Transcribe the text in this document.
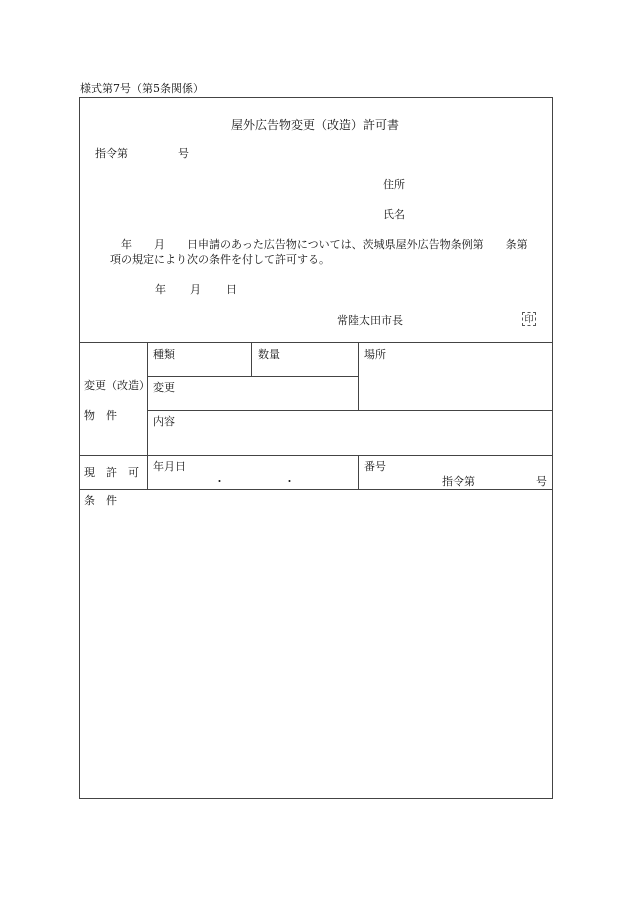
様式第7号（第5条関係）
屋外広告物変更（改造）許可書
指令第	号
住所
氏名
　年　　月　　日申請のあった広告物については、茨城県屋外広告物条例第　　条第
項の規定により次の条件を付して許可する。
年 月 日
常陸太田市長	印
変更（改造）
物　件
種類	数量	場所
変更
内容
現　許　可 年月日
・	・
番号
指令第	号
条　件
